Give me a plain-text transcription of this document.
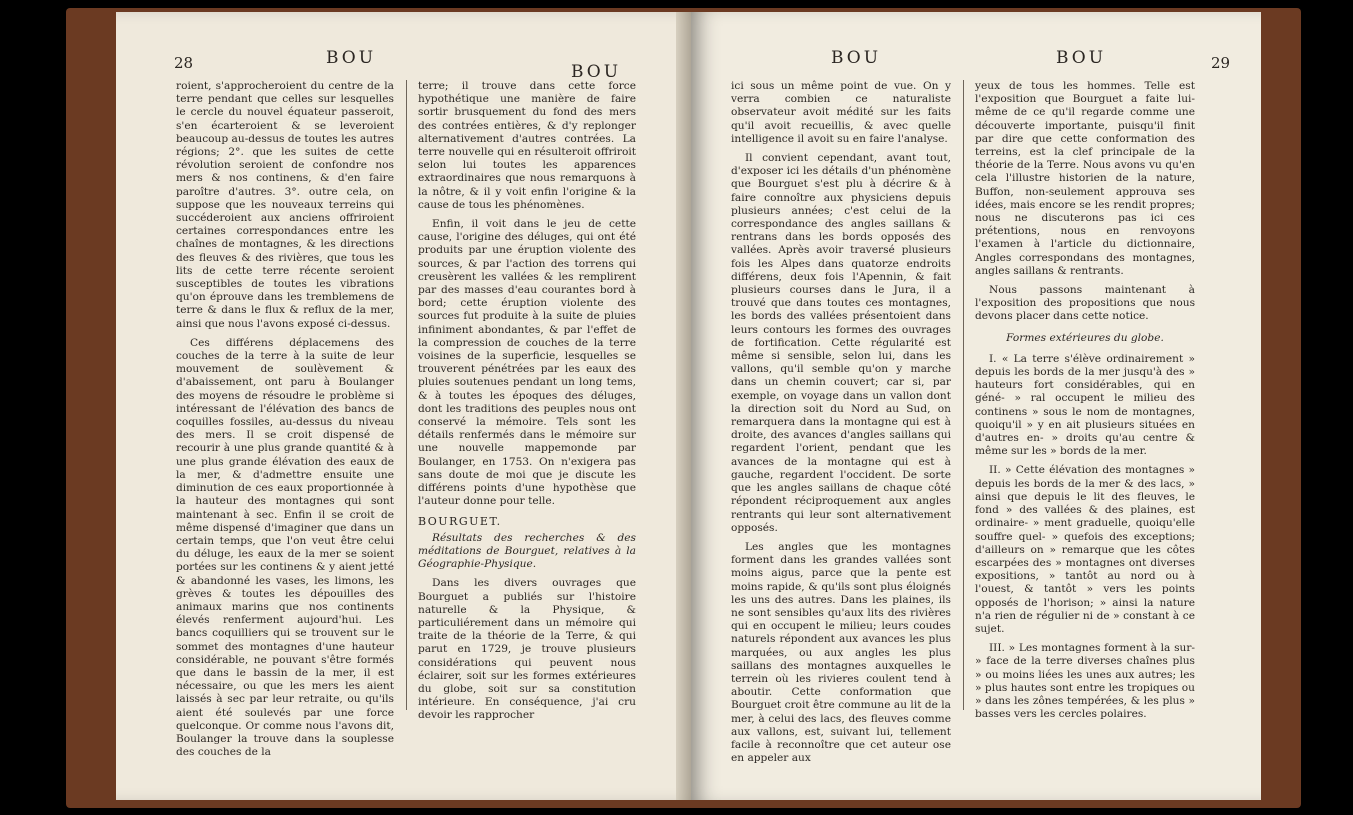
28	BOU
BOU

roient, s'approcheroient du centre de la terre pendant que celles sur lesquelles le cercle du nouvel équateur passeroit, s'en écarteroient & se leveroient beaucoup au-dessus de toutes les autres régions; 2°. que les suites de cette révolution seroient de confondre nos mers & nos continens, & d'en faire paroître d'autres. 3°. outre cela, on suppose que les nouveaux terreins qui succéderoient aux anciens offriroient certaines correspondances entre les chaînes de montagnes, & les directions des fleuves & des rivières, que tous les lits de cette terre récente seroient susceptibles de toutes les vibrations qu'on éprouve dans les tremblemens de terre & dans le flux & reflux de la mer, ainsi que nous l'avons exposé ci-dessus.

Ces différens déplacemens des couches de la terre à la suite de leur mouvement de soulèvement & d'abaissement, ont paru à Boulanger des moyens de résoudre le problème si intéressant de l'élévation des bancs de coquilles fossiles, au-dessus du niveau des mers. Il se croit dispensé de recourir à une plus grande quantité & à une plus grande élévation des eaux de la mer, & d'admettre ensuite une diminution de ces eaux proportionnée à la hauteur des montagnes qui sont maintenant à sec. Enfin il se croit de même dispensé d'imaginer que dans un certain temps, que l'on veut être celui du déluge, les eaux de la mer se soient portées sur les continens & y aient jetté & abandonné les vases, les limons, les grèves & toutes les dépouilles des animaux marins que nos continents élevés renferment aujourd'hui. Les bancs coquilliers qui se trouvent sur le sommet des montagnes d'une hauteur considérable, ne pouvant s'être formés que dans le bassin de la mer, il est nécessaire, ou que les mers les aient laissés à sec par leur retraite, ou qu'ils aient été soulevés par une force quelconque. Or comme nous l'avons dit, Boulanger la trouve dans la souplesse des couches de la

terre; il trouve dans cette force hypothétique une manière de faire sortir brusquement du fond des mers des contrées entières, & d'y replonger alternativement d'autres contrées. La terre nouvelle qui en résulteroit offriroit selon lui toutes les apparences extraordinaires que nous remarquons à la nôtre, & il y voit enfin l'origine & la cause de tous les phénomènes.

Enfin, il voit dans le jeu de cette cause, l'origine des déluges, qui ont été produits par une éruption violente des sources, & par l'action des torrens qui creusèrent les vallées & les remplirent par des masses d'eau courantes bord à bord; cette éruption violente des sources fut produite à la suite de pluies infiniment abondantes, & par l'effet de la compression de couches de la terre voisines de la superficie, lesquelles se trouverent pénétrées par les eaux des pluies soutenues pendant un long tems, & à toutes les époques des déluges, dont les traditions des peuples nous ont conservé la mémoire. Tels sont les détails renfermés dans le mémoire sur une nouvelle mappemonde par Boulanger, en 1753. On n'exigera pas sans doute de moi que je discute les différens points d'une hypothèse que l'auteur donne pour telle.

BOURGUET.
Résultats des recherches & des méditations de Bourguet, relatives à la Géographie-Physique.

Dans les divers ouvrages que Bourguet a publiés sur l'histoire naturelle & la Physique, & particuliérement dans un mémoire qui traite de la théorie de la Terre, & qui parut en 1729, je trouve plusieurs considérations qui peuvent nous éclairer, soit sur les formes extérieures du globe, soit sur sa constitution intérieure. En conséquence, j'ai cru devoir les rapprocher

BOU	BOU	29

ici sous un même point de vue. On y verra combien ce naturaliste observateur avoit médité sur les faits qu'il avoit recueillis, & avec quelle intelligence il avoit su en faire l'analyse.

Il convient cependant, avant tout, d'exposer ici les détails d'un phénomène que Bourguet s'est plu à décrire & à faire connoître aux physiciens depuis plusieurs années; c'est celui de la correspondance des angles saillans & rentrans dans les bords opposés des vallées. Après avoir traversé plusieurs fois les Alpes dans quatorze endroits différens, deux fois l'Apennin, & fait plusieurs courses dans le Jura, il a trouvé que dans toutes ces montagnes, les bords des vallées présentoient dans leurs contours les formes des ouvrages de fortification. Cette régularité est même si sensible, selon lui, dans les vallons, qu'il semble qu'on y marche dans un chemin couvert; car si, par exemple, on voyage dans un vallon dont la direction soit du Nord au Sud, on remarquera dans la montagne qui est à droite, des avances d'angles saillans qui regardent l'orient, pendant que les avances de la montagne qui est à gauche, regardent l'occident. De sorte que les angles saillans de chaque côté répondent réciproquement aux angles rentrants qui leur sont alternativement opposés.

Les angles que les montagnes forment dans les grandes vallées sont moins aigus, parce que la pente est moins rapide, & qu'ils sont plus éloignés les uns des autres. Dans les plaines, ils ne sont sensibles qu'aux lits des rivières qui en occupent le milieu; leurs coudes naturels répondent aux avances les plus marquées, ou aux angles les plus saillans des montagnes auxquelles le terrein où les rivieres coulent tend à aboutir. Cette conformation que Bourguet croit être commune au lit de la mer, à celui des lacs, des fleuves comme aux vallons, est, suivant lui, tellement facile à reconnoître que cet auteur ose en appeler aux

yeux de tous les hommes. Telle est l'exposition que Bourguet a faite lui-même de ce qu'il regarde comme une découverte importante, puisqu'il finit par dire que cette conformation des terreins, est la clef principale de la théorie de la Terre. Nous avons vu qu'en cela l'illustre historien de la nature, Buffon, non-seulement approuva ses idées, mais encore se les rendit propres; nous ne discuterons pas ici ces prétentions, nous en renvoyons l'examen à l'article du dictionnaire, Angles correspondans des montagnes, angles saillans & rentrants.

Nous passons maintenant à l'exposition des propositions que nous devons placer dans cette notice.

Formes extérieures du globe.

I. « La terre s'élève ordinairement » depuis les bords de la mer jusqu'à des » hauteurs fort considérables, qui en géné- » ral occupent le milieu des continens » sous le nom de montagnes, quoiqu'il » y en ait plusieurs situées en d'autres en- » droits qu'au centre & même sur les » bords de la mer.

II. » Cette élévation des montagnes » depuis les bords de la mer & des lacs, » ainsi que depuis le lit des fleuves, le fond » des vallées & des plaines, est ordinaire- » ment graduelle, quoiqu'elle souffre quel- » quefois des exceptions; d'ailleurs on » remarque que les côtes escarpées des » montagnes ont diverses expositions, » tantôt au nord ou à l'ouest, & tantôt » vers les points opposés de l'horison; » ainsi la nature n'a rien de régulier ni de » constant à ce sujet.

III. » Les montagnes forment à la sur- » face de la terre diverses chaînes plus » ou moins liées les unes aux autres; les » plus hautes sont entre les tropiques ou » dans les zônes tempérées, & les plus » basses vers les cercles polaires.
